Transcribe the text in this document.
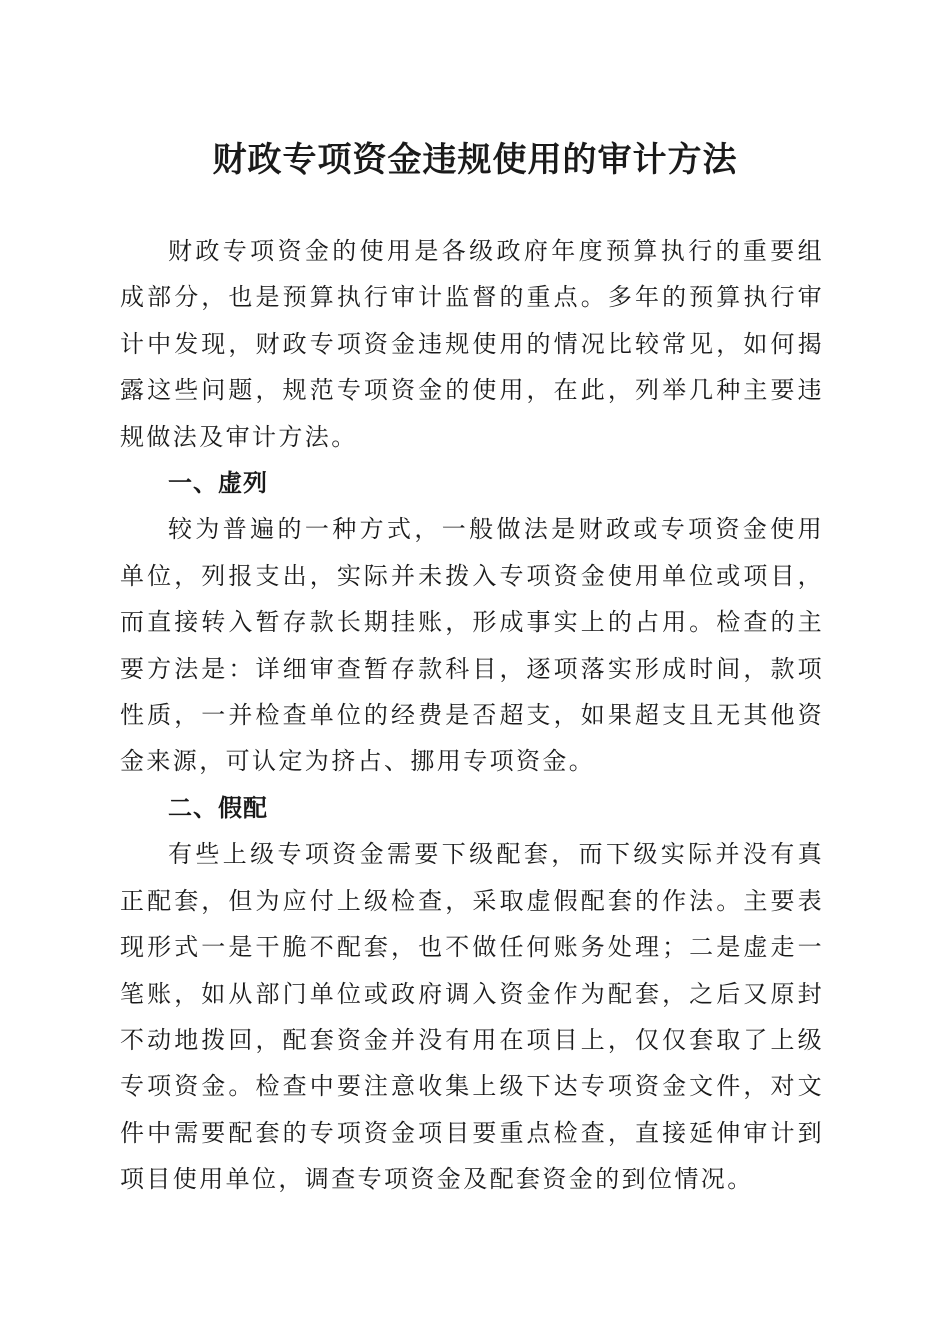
财政专项资金违规使用的审计方法

财政专项资金的使用是各级政府年度预算执行的重要组成部分，也是预算执行审计监督的重点。多年的预算执行审计中发现，财政专项资金违规使用的情况比较常见，如何揭露这些问题，规范专项资金的使用，在此，列举几种主要违规做法及审计方法。

一、虚列

较为普遍的一种方式，一般做法是财政或专项资金使用单位，列报支出，实际并未拨入专项资金使用单位或项目，而直接转入暂存款长期挂账，形成事实上的占用。检查的主要方法是：详细审查暂存款科目，逐项落实形成时间，款项性质，一并检查单位的经费是否超支，如果超支且无其他资金来源，可认定为挤占、挪用专项资金。

二、假配

有些上级专项资金需要下级配套，而下级实际并没有真正配套，但为应付上级检查，采取虚假配套的作法。主要表现形式一是干脆不配套，也不做任何账务处理；二是虚走一笔账，如从部门单位或政府调入资金作为配套，之后又原封不动地拨回，配套资金并没有用在项目上，仅仅套取了上级专项资金。检查中要注意收集上级下达专项资金文件，对文件中需要配套的专项资金项目要重点检查，直接延伸审计到项目使用单位，调查专项资金及配套资金的到位情况。
